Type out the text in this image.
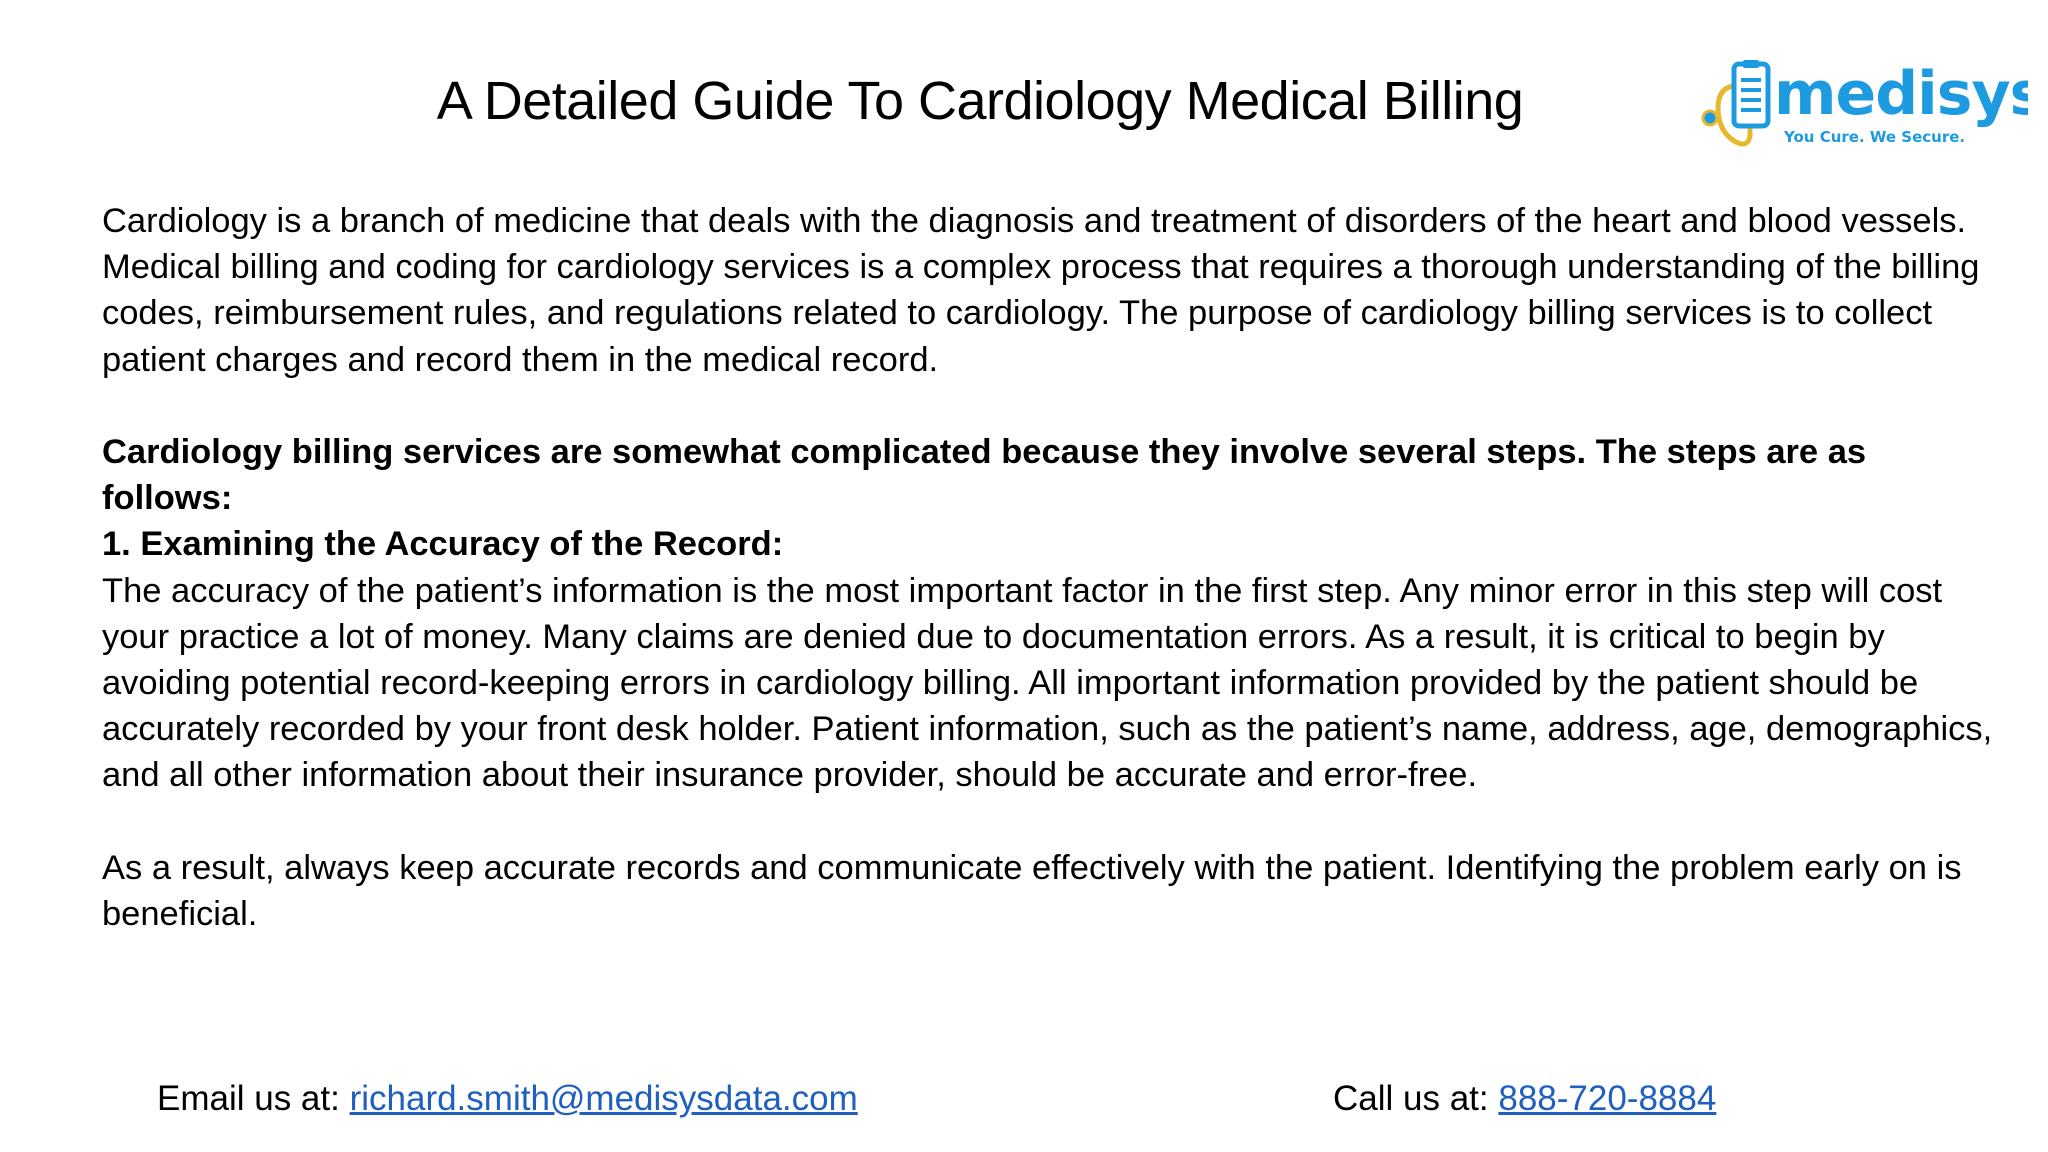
A Detailed Guide To Cardiology Medical Billing	medisys
You Cure. We Secure.

Cardiology is a branch of medicine that deals with the diagnosis and treatment of disorders of the heart and blood vessels. Medical billing and coding for cardiology services is a complex process that requires a thorough understanding of the billing codes, reimbursement rules, and regulations related to cardiology. The purpose of cardiology billing services is to collect patient charges and record them in the medical record.

Cardiology billing services are somewhat complicated because they involve several steps. The steps are as follows:

1. Examining the Accuracy of the Record:

The accuracy of the patient’s information is the most important factor in the first step. Any minor error in this step will cost your practice a lot of money. Many claims are denied due to documentation errors. As a result, it is critical to begin by avoiding potential record-keeping errors in cardiology billing. All important information provided by the patient should be accurately recorded by your front desk holder. Patient information, such as the patient’s name, address, age, demographics, and all other information about their insurance provider, should be accurate and error-free.

As a result, always keep accurate records and communicate effectively with the patient. Identifying the problem early on is beneficial.

Email us at: richard.smith@medisysdata.com	Call us at: 888-720-8884
